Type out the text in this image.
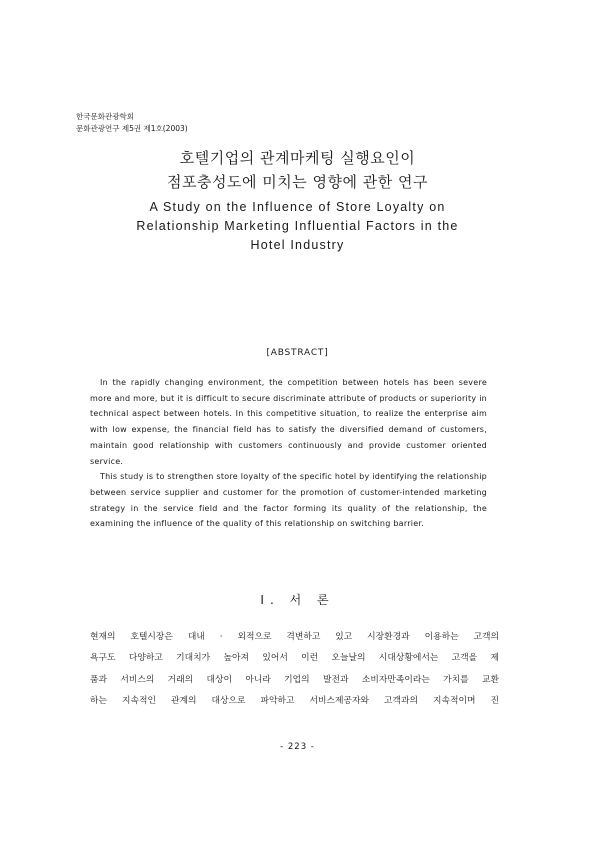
한국문화관광학회
문화관광연구 제5권 제1호(2003)
호텔기업의 관계마케팅 실행요인이
점포충성도에 미치는 영향에 관한 연구
A Study on the Influence of Store Loyalty on
Relationship Marketing Influential Factors in the
Hotel Industry
[ABSTRACT]

In the rapidly changing environment, the competition between hotels has been severe more and more, but it is difficult to secure discriminate attribute of products or superiority in technical aspect between hotels. In this competitive situation, to realize the enterprise aim with low expense, the financial field has to satisfy the diversified demand of customers, maintain good relationship with customers continuously and provide customer oriented service.

This study is to strengthen store loyalty of the specific hotel by identifying the relationship between service supplier and customer for the promotion of customer-intended marketing strategy in the service field and the factor forming its quality of the relationship, the examining the influence of the quality of this relationship on switching barrier.

Ⅰ. 서 론
현재의 호텔시장은 대내 · 외적으로 격변하고 있고 시장환경과 이용하는 고객의
욕구도 다양하고 기대치가 높아져 있어서 이런 오늘날의 시대상황에서는 고객을 제
품과 서비스의 거래의 대상이 아니라 기업의 발전과 소비자만족이라는 가치를 교환
하는 지속적인 관계의 대상으로 파악하고 서비스제공자와 고객과의 지속적이며 진
- 223 -
